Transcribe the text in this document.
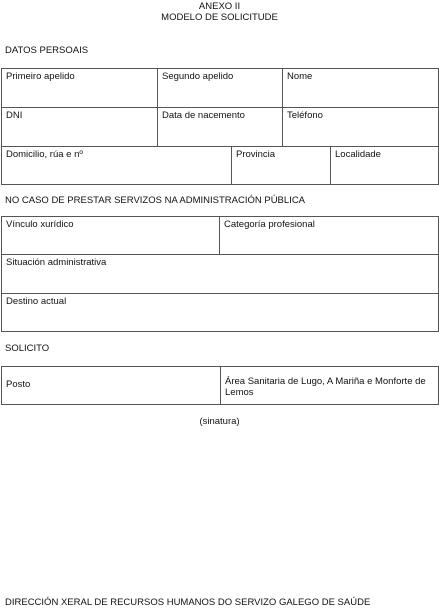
ANEXO II
MODELO DE SOLICITUDE
DATOS PERSOAIS
Primeiro apelido	Segundo apelido	Nome
DNI	Data de nacemento	Teléfono
Domicilio, rúa e nº	Provincia	Localidade
NO CASO DE PRESTAR SERVIZOS NA ADMINISTRACIÓN PÚBLICA
Vínculo xurídico	Categoría profesional
Situación administrativa
Destino actual
SOLICITO
Posto	Área Sanitaria de Lugo, A Mariña e Monforte de Lemos
(sinatura)
DIRECCIÓN XERAL DE RECURSOS HUMANOS DO SERVIZO GALEGO DE SAÚDE
